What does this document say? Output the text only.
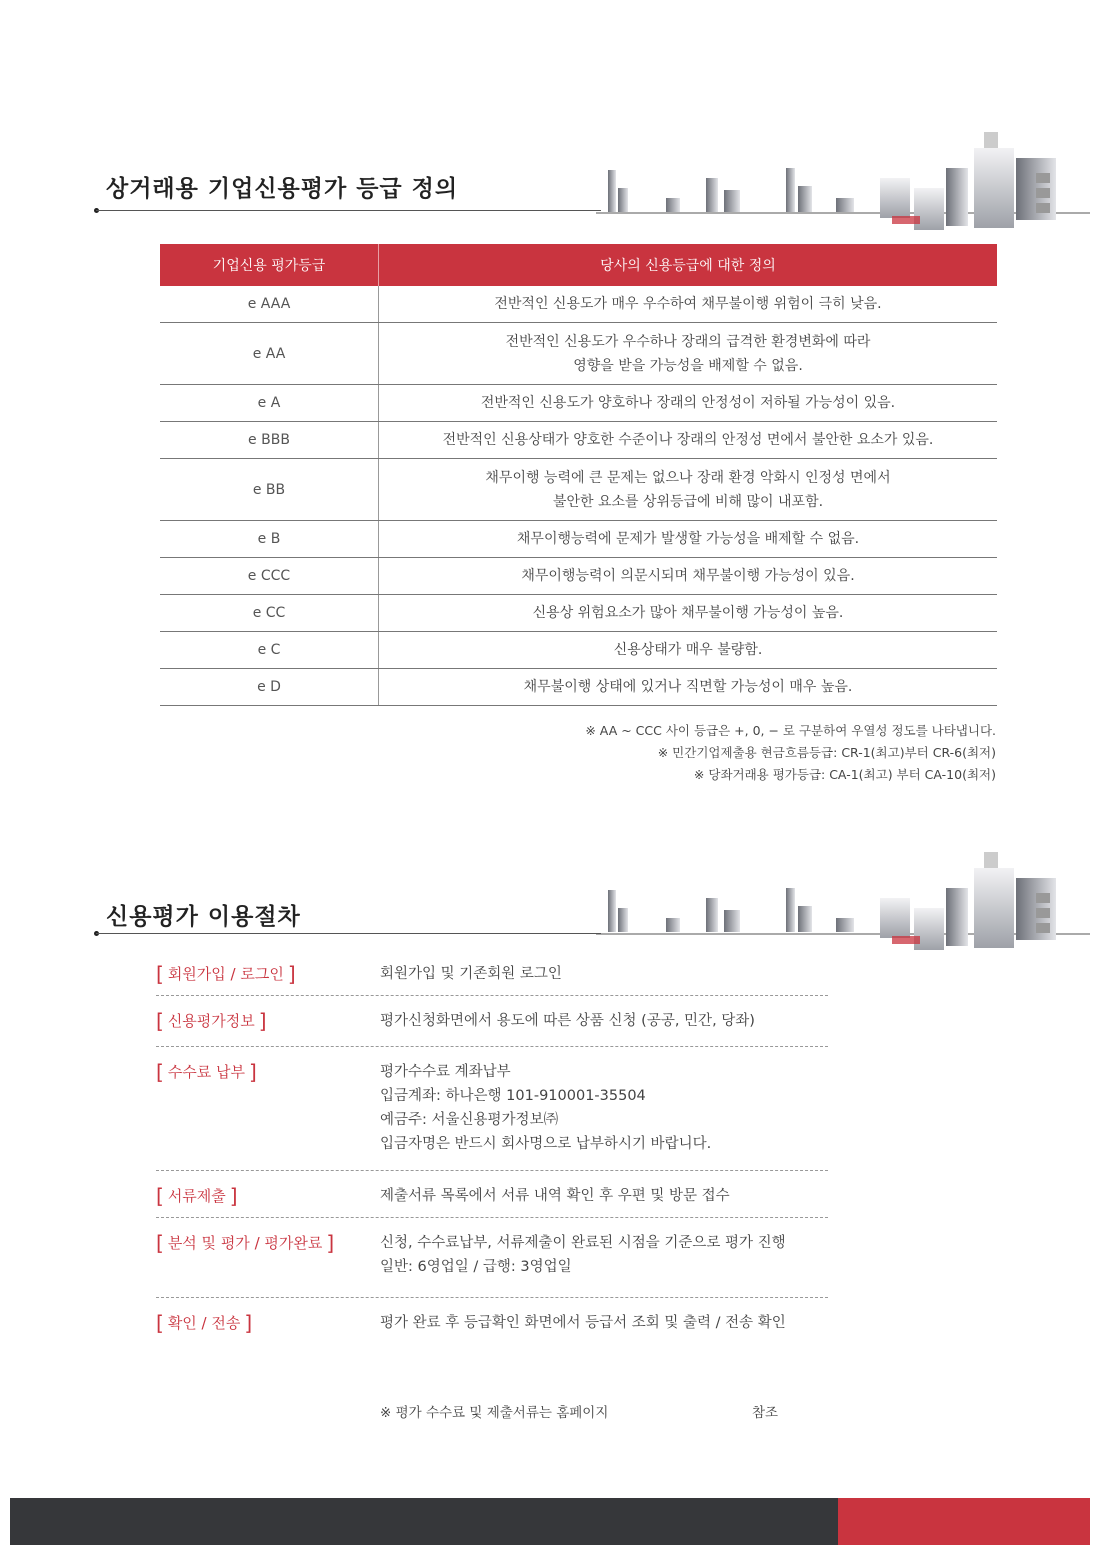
상거래용 기업신용평가 등급 정의
기업신용 평가등급	당사의 신용등급에 대한 정의
e AAA	전반적인 신용도가 매우 우수하여 채무불이행 위험이 극히 낮음.

e AA	전반적인 신용도가 우수하나 장래의 급격한 환경변화에 따라
영향을 받을 가능성을 배제할 수 없음.

e A	전반적인 신용도가 양호하나 장래의 안정성이 저하될 가능성이 있음.

e BBB	전반적인 신용상태가 양호한 수준이나 장래의 안정성 면에서 불안한 요소가 있음.

e BB	채무이행 능력에 큰 문제는 없으나 장래 환경 악화시 인정성 면에서
불안한 요소를 상위등급에 비해 많이 내포함.

e B	채무이행능력에 문제가 발생할 가능성을 배제할 수 없음.

e CCC	채무이행능력이 의문시되며 채무불이행 가능성이 있음.

e CC	신용상 위험요소가 많아 채무불이행 가능성이 높음.

e C	신용상태가 매우 불량함.

e D	채무불이행 상태에 있거나 직면할 가능성이 매우 높음.
※ AA ~ CCC 사이 등급은 +, 0, − 로 구분하여 우열성 정도를 나타냅니다.
※ 민간기업제출용 현금흐름등급: CR-1(최고)부터 CR-6(최저)
※ 당좌거래용 평가등급: CA-1(최고) 부터 CA-10(최저)
신용평가 이용절차
[ 회원가입 / 로그인 ]	회원가입 및 기존회원 로그인
[ 신용평가정보 ]	평가신청화면에서 용도에 따른 상품 신청 (공공, 민간, 당좌)
[ 수수료 납부 ]	평가수수료 계좌납부
입금계좌: 하나은행 101-910001-35504
예금주: 서울신용평가정보㈜
입금자명은 반드시 회사명으로 납부하시기 바랍니다.
[ 서류제출 ]	제출서류 목록에서 서류 내역 확인 후 우편 및 방문 접수
[ 분석 및 평가 / 평가완료 ]	신청, 수수료납부, 서류제출이 완료된 시점을 기준으로 평가 진행
일반: 6영업일 / 급행: 3영업일
[ 확인 / 전송 ]	평가 완료 후 등급확인 화면에서 등급서 조회 및 출력 / 전송 확인
※ 평가 수수료 및 제출서류는 홈페이지	참조
